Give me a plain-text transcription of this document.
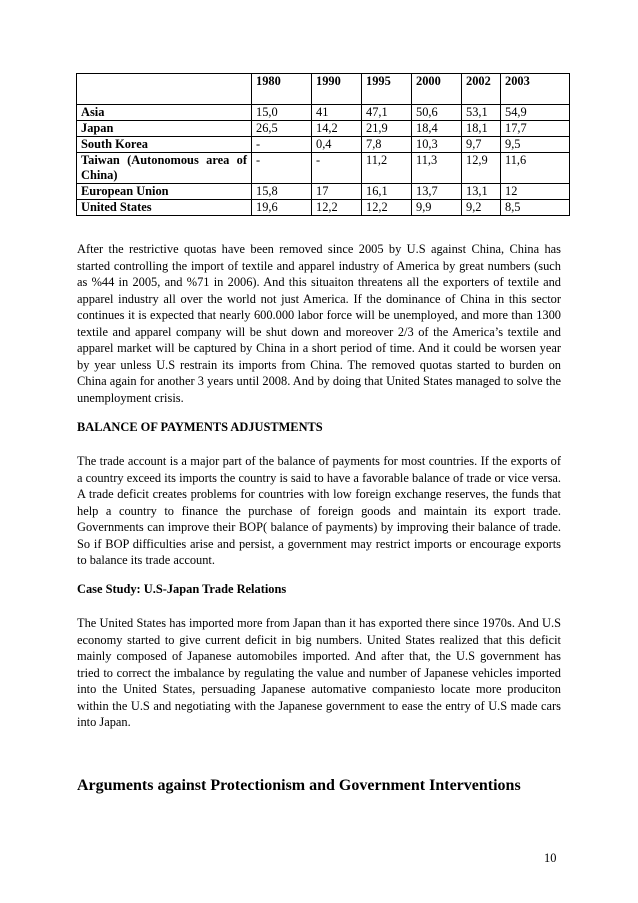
	1980	1990	1995	2000	2002	2003
Asia	15,0	41	47,1	50,6	53,1	54,9
Japan	26,5	14,2	21,9	18,4	18,1	17,7
South Korea	-	0,4	7,8	10,3	9,7	9,5
Taiwan (Autonomous area of China)	-	-	11,2	11,3	12,9	11,6
European Union	15,8	17	16,1	13,7	13,1	12
United States	19,6	12,2	12,2	9,9	9,2	8,5

After the restrictive quotas have been removed since 2005 by U.S against China, China has started controlling the import of textile and apparel industry of America by great numbers (such as %44 in 2005, and %71 in 2006). And this situaiton threatens all the exporters of textile and apparel industry all over the world not just America. If the dominance of China in this sector continues it is expected that nearly 600.000 labor force will be unemployed, and more than 1300 textile and apparel company will be shut down and moreover 2/3 of the America’s textile and apparel market will be captured by China in a short period of time. And it could be worsen year by year unless U.S restrain its imports from China. The removed quotas started to burden on China again for another 3 years until 2008. And by doing that United States managed to solve the unemployment crisis.

BALANCE OF PAYMENTS ADJUSTMENTS

The trade account is a major part of the balance of payments for most countries. If the exports of a country exceed its imports the country is said to have a favorable balance of trade or vice versa. A trade deficit creates problems for countries with low foreign exchange reserves, the funds that help a country to finance the purchase of foreign goods and maintain its export trade. Governments can improve their BOP( balance of payments) by improving their balance of trade. So if BOP difficulties arise and persist, a government may restrict imports or encourage exports to balance its trade account.

Case Study: U.S-Japan Trade Relations

The United States has imported more from Japan than it has exported there since 1970s. And U.S economy started to give current deficit in big numbers. United States realized that this deficit mainly composed of Japanese automobiles imported. And after that, the U.S government has tried to correct the imbalance by regulating the value and number of Japanese vehicles imported into the United States, persuading Japanese automative companiesto locate more produciton within the U.S and negotiating with the Japanese government to ease the entry of U.S made cars into Japan.

Arguments against Protectionism and Government Interventions

10
